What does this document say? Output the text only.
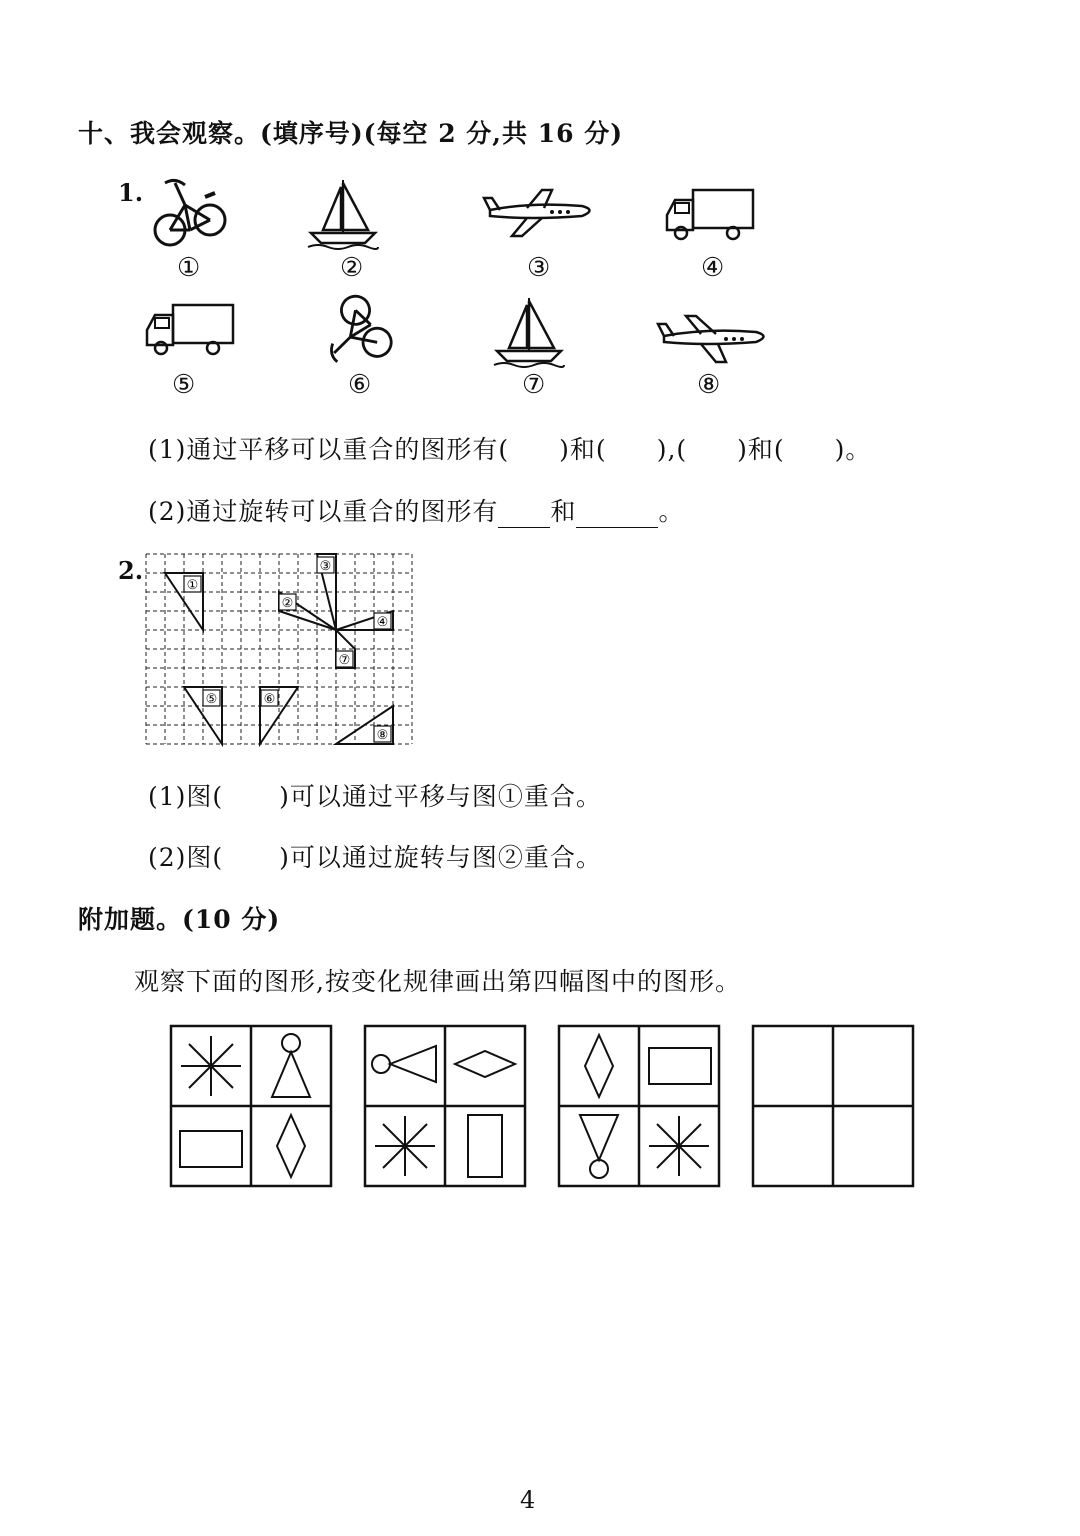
十、我会观察。(填序号)(每空 2 分,共 16 分)
1.
①	②	③	④
⑤	⑥	⑦	⑧
(1)通过平移可以重合的图形有( )和( ),( )和( )。
(2)通过旋转可以重合的图形有 和	。
2.
①
②
③
④
⑦
⑤	⑥
⑧
(1)图( )可以通过平移与图①重合。
(2)图( )可以通过旋转与图②重合。
附加题。(10 分)
观察下面的图形,按变化规律画出第四幅图中的图形。
4
